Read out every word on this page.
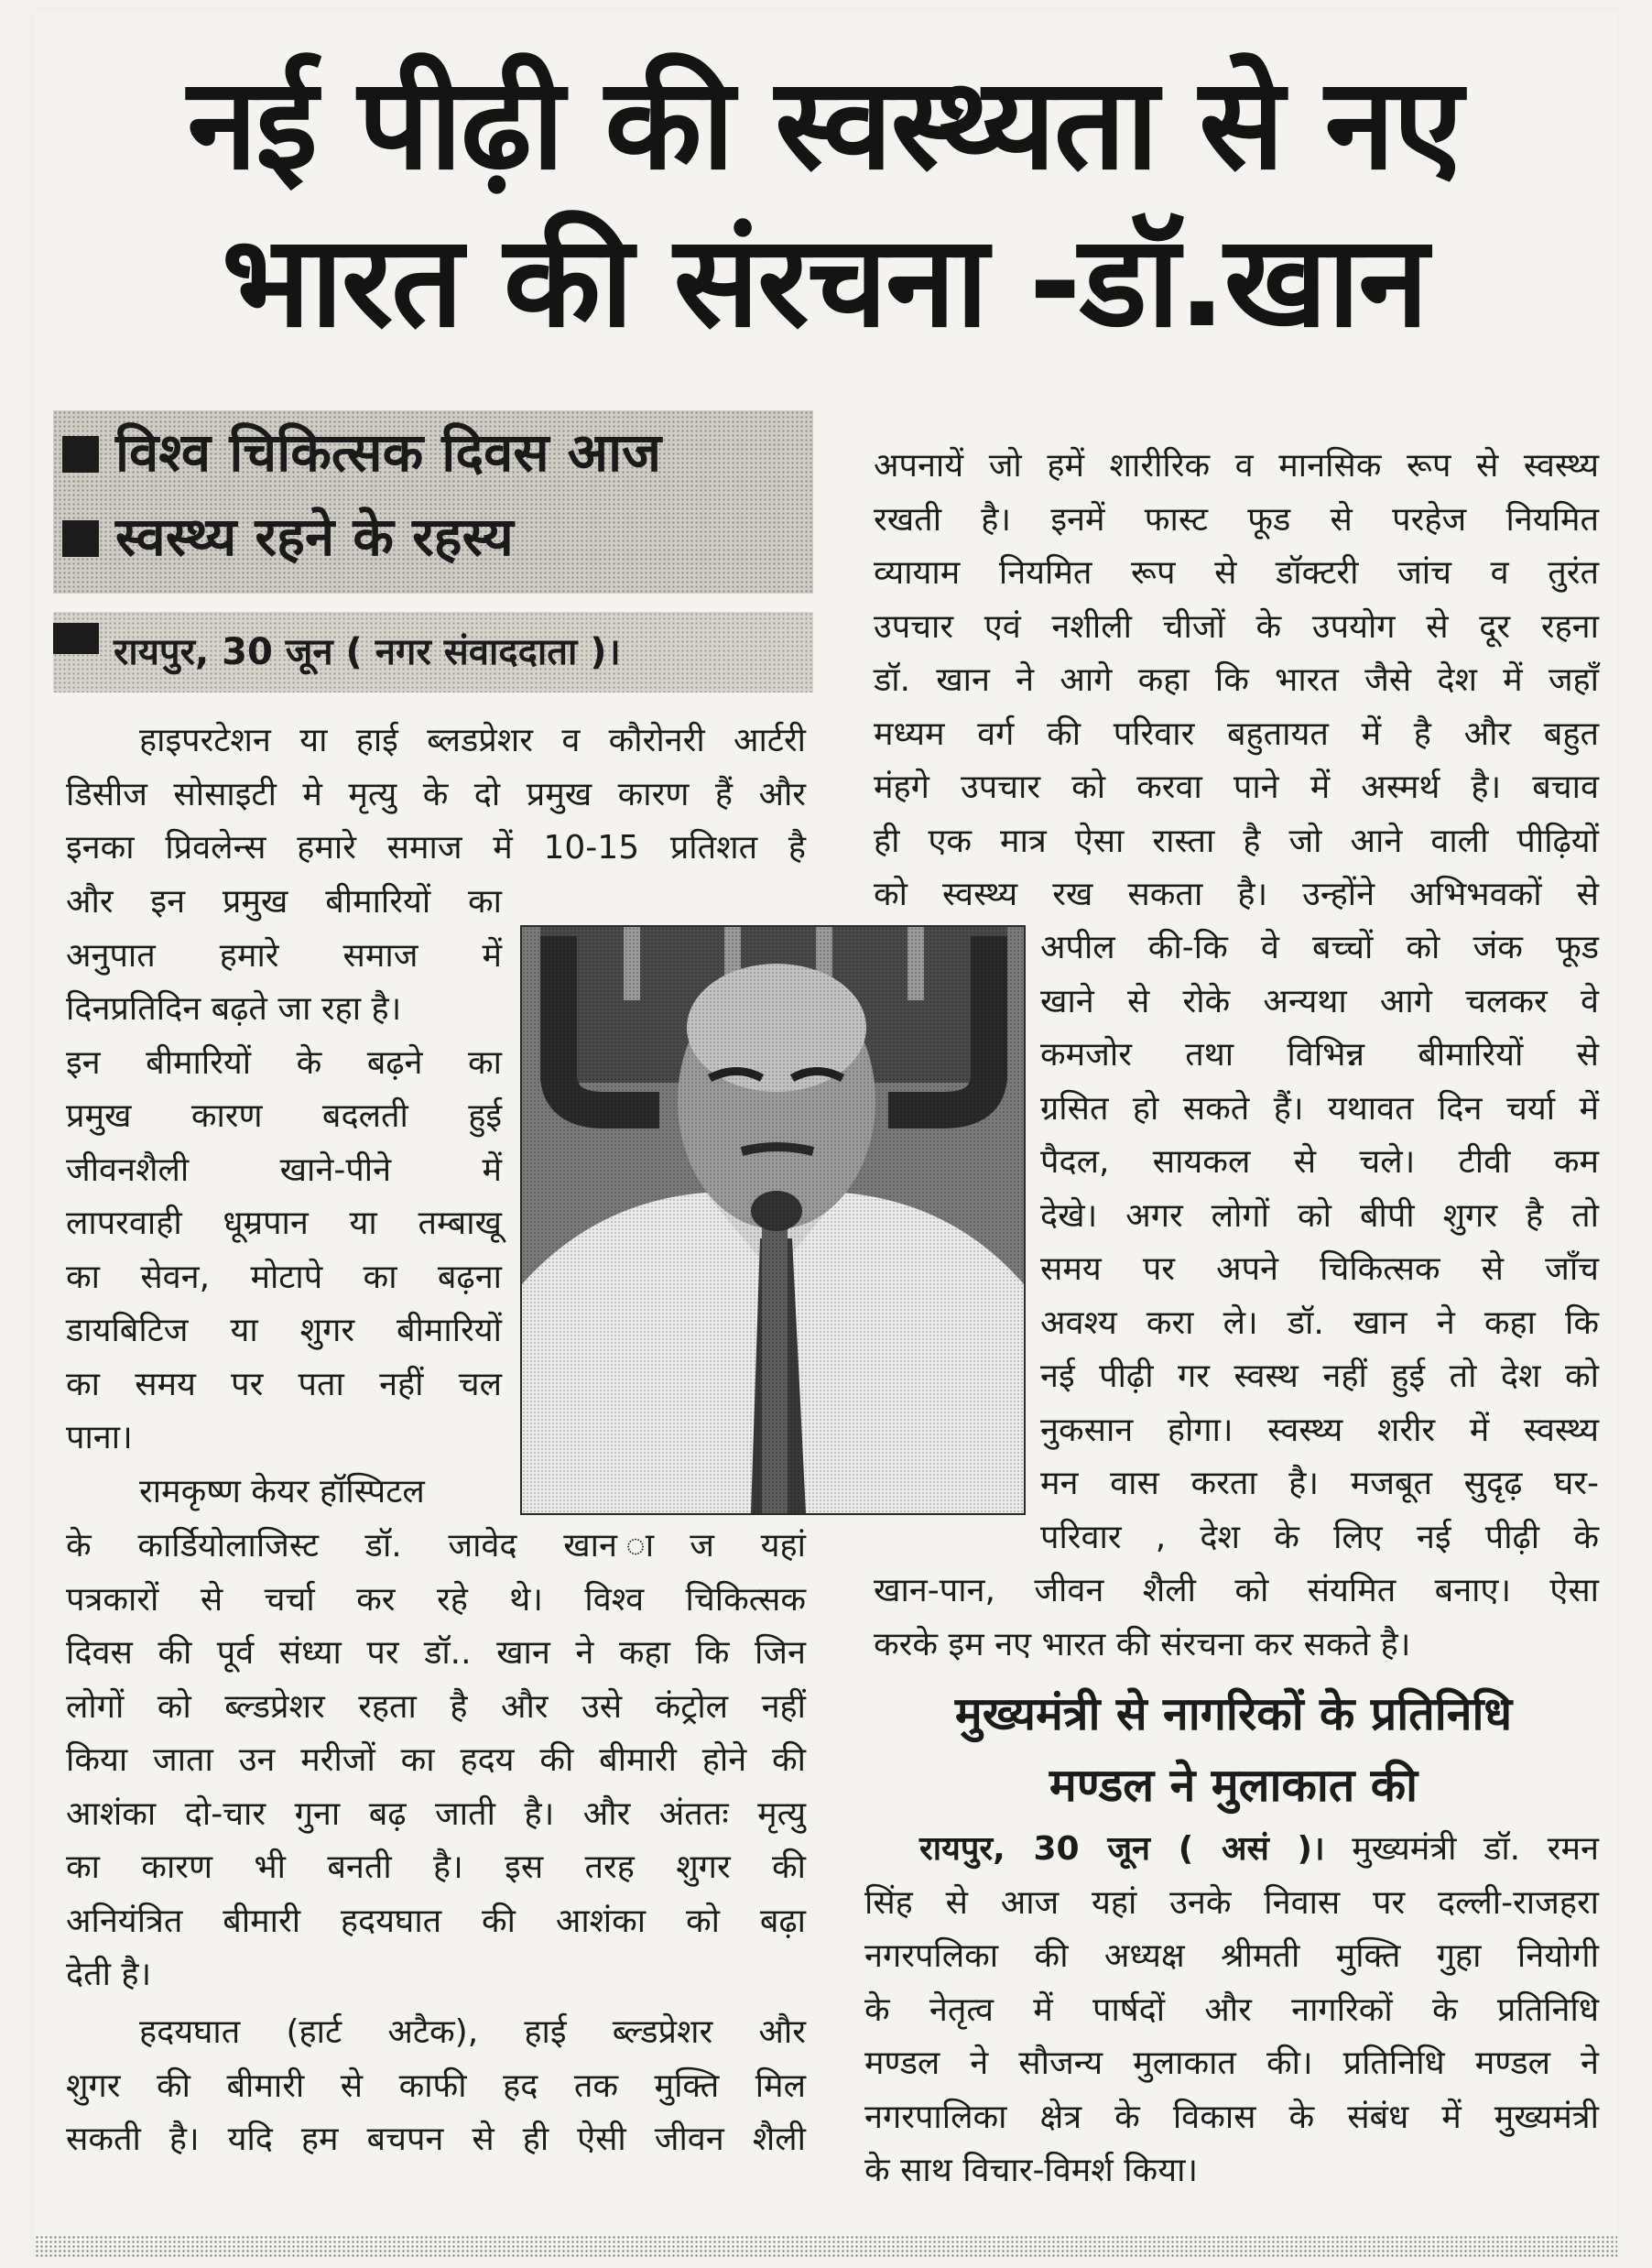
नई पीढ़ी की स्वस्थ्यता से नए
भारत की संरचना -डॉ.खान
विश्व चिकित्सक दिवस आज
स्वस्थ्य रहने के रहस्य
रायपुर, 30 जून ( नगर संवाददाता )।
हाइपरटेशन या हाई ब्लडप्रेशर व कौरोनरी आर्टरी
डिसीज सोसाइटी मे मृत्यु के दो प्रमुख कारण हैं और
इनका प्रिवलेन्स हमारे समाज में 10-15 प्रतिशत है
और इन प्रमुख बीमारियों का
अनुपात हमारे समाज में
दिनप्रतिदिन बढ़ते जा रहा है।
इन बीमारियों के बढ़ने का
प्रमुख कारण बदलती हुई
जीवनशैली खाने-पीने में
लापरवाही धूम्रपान या तम्बाखू
का सेवन, मोटापे का बढ़ना
डायबिटिज या शुगर बीमारियों
का समय पर पता नहीं चल
पाना।
रामकृष्ण केयर हॉस्पिटल
के कार्डियोलाजिस्ट डॉ. जावेद खान ाज यहां
पत्रकारों से चर्चा कर रहे थे। विश्व चिकित्सक
दिवस की पूर्व संध्या पर डॉ.. खान ने कहा कि जिन
लोगों को ब्ल्डप्रेशर रहता है और उसे कंट्रोल नहीं
किया जाता उन मरीजों का हदय की बीमारी होने की
आशंका दो-चार गुना बढ़ जाती है। और अंततः मृत्यु
का कारण भी बनती है। इस तरह शुगर की
अनियंत्रित बीमारी हदयघात की आशंका को बढ़ा
देती है।
हदयघात (हार्ट अटैक), हाई ब्ल्डप्रेशर और
शुगर की बीमारी से काफी हद तक मुक्ति मिल
सकती है। यदि हम बचपन से ही ऐसी जीवन शैली
अपनायें जो हमें शारीरिक व मानसिक रूप से स्वस्थ्य
रखती है। इनमें फास्ट फूड से परहेज नियमित
व्यायाम नियमित रूप से डॉक्टरी जांच व तुरंत
उपचार एवं नशीली चीजों के उपयोग से दूर रहना
डॉ. खान ने आगे कहा कि भारत जैसे देश में जहाँ
मध्यम वर्ग की परिवार बहुतायत में है और बहुत
मंहगे उपचार को करवा पाने में अस्मर्थ है। बचाव
ही एक मात्र ऐसा रास्ता है जो आने वाली पीढ़ियों
को स्वस्थ्य रख सकता है। उन्होंने अभिभवकों से
अपील की-कि वे बच्चों को जंक फूड
खाने से रोके अन्यथा आगे चलकर वे
कमजोर तथा विभिन्न बीमारियों से
ग्रसित हो सकते हैं। यथावत दिन चर्या में
पैदल, सायकल से चले। टीवी कम
देखे। अगर लोगों को बीपी शुगर है तो
समय पर अपने चिकित्सक से जाँच
अवश्य करा ले। डॉ. खान ने कहा कि
नई पीढ़ी गर स्वस्थ नहीं हुई तो देश को
नुकसान होगा। स्वस्थ्य शरीर में स्वस्थ्य
मन वास करता है। मजबूत सुदृढ़ घर-
परिवार , देश के लिए नई पीढ़ी के
खान-पान, जीवन शैली को संयमित बनाए। ऐसा
करके इम नए भारत की संरचना कर सकते है।
मुख्यमंत्री से नागरिकों के प्रतिनिधि
मण्डल ने मुलाकात की
रायपुर, 30 जून ( असं )। मुख्यमंत्री डॉ. रमन
सिंह से आज यहां उनके निवास पर दल्ली-राजहरा
नगरपलिका की अध्यक्ष श्रीमती मुक्ति गुहा नियोगी
के नेतृत्व में पार्षदों और नागरिकों के प्रतिनिधि
मण्डल ने सौजन्य मुलाकात की। प्रतिनिधि मण्डल ने
नगरपालिका क्षेत्र के विकास के संबंध में मुख्यमंत्री
के साथ विचार-विमर्श किया।
